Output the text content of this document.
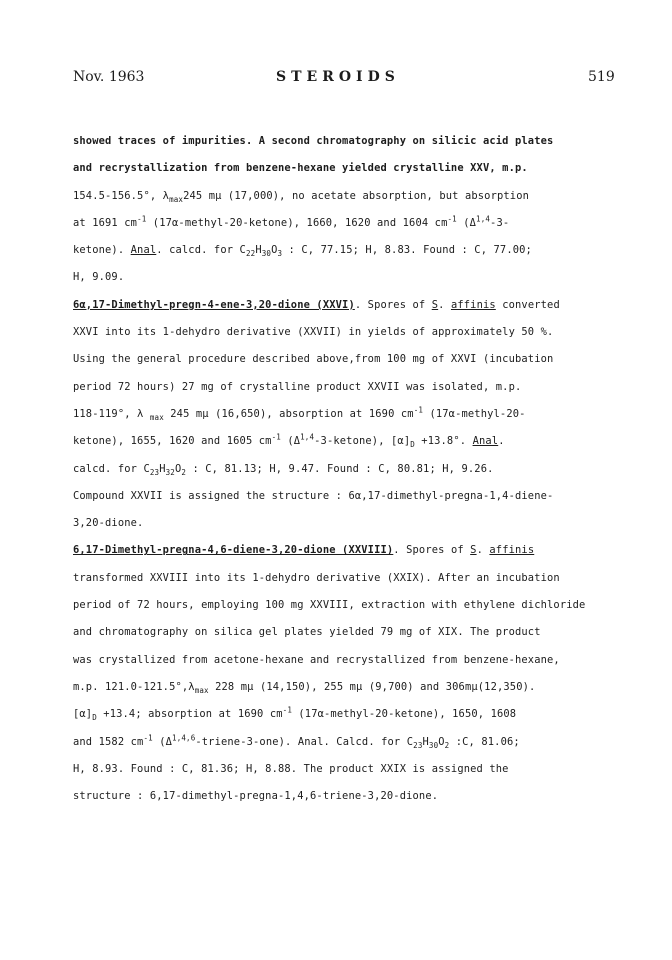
Nov. 1963	STEROIDS	519
showed traces of impurities. A second chromatography on silicic acid plates
and recrystallization from benzene-hexane yielded crystalline XXV, m.p.
154.5-156.5°, $\lambda_{max}245$ mμ (17,000), no acetate absorption, but absorption
at 1691 $cm^{-1}$ (17α-methyl-20-ketone), 1660, 1620 and 1604 $cm^{-1}$ ($\Delta^{1,4}-3-$
ketone). Anal. calcd. for $C_{22}H_{30}O_3$ : C, 77.15; H, 8.83. Found : C, 77.00;
H, 9.09.
6α,17-Dimethyl-pregn-4-ene-3,20-dione (XXVI). Spores of S. affinis converted
XXVI into its 1-dehydro derivative (XXVII) in yields of approximately 50 %.
Using the general procedure described above,from 100 mg of XXVI (incubation
period 72 hours) 27 mg of crystalline product XXVII was isolated, m.p.
118-119°, λ $_{max}$ 245 mμ (16,650), absorption at 1690 $cm^{-1}$ (17α-methyl-20-
ketone), 1655, 1620 and 1605 $cm^{-1}$ $(\Delta^{1,4}-3-ketone)$, $[\alpha]_D +13.8^\circ$. Anal.
calcd. for $C_{23}H_{32}O_2$ : C, 81.13; H, 9.47. Found : C, 80.81; H, 9.26.
Compound XXVII is assigned the structure : 6α,17-dimethyl-pregna-1,4-diene-
3,20-dione.
6,17-Dimethyl-pregna-4,6-diene-3,20-dione (XXVIII). Spores of S. affinis
transformed XXVIII into its 1-dehydro derivative (XXIX). After an incubation
period of 72 hours, employing 100 mg XXVIII, extraction with ethylene dichloride
and chromatography on silica gel plates yielded 79 mg of XIX. The product
was crystallized from acetone-hexane and recrystallized from benzene-hexane,
m.p. $121.0-121.5^\circ,\lambda_{max}$ 228 mμ (14,150), 255 mμ (9,700) and 306mμ(12,350).
$[\alpha]_D +13.4$; absorption at 1690 $cm^{-1}$ (17α-methyl-20-ketone), 1650, 1608
and 1582 $cm^{-1}$ $(\Delta^{1,4,6}-triene-3-one)$. Anal. Calcd. for $C_{23}H_{30}O_2$ :C, 81.06;
H, 8.93. Found : C, 81.36; H, 8.88. The product XXIX is assigned the
structure : 6,17-dimethyl-pregna-1,4,6-triene-3,20-dione.
